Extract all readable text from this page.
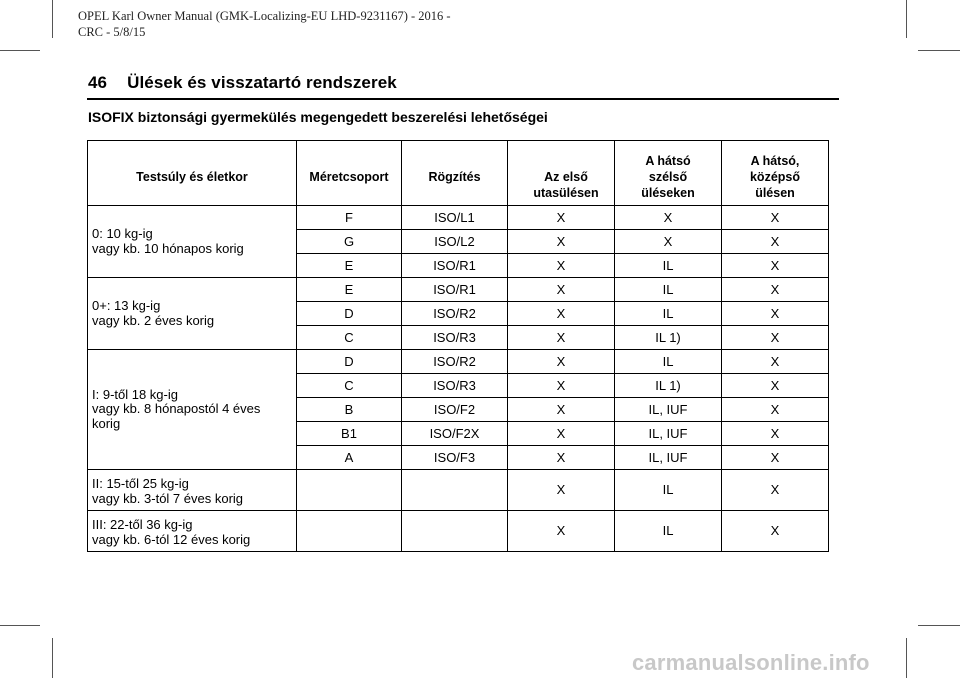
OPEL Karl Owner Manual (GMK-Localizing-EU LHD-9231167) - 2016 -
CRC - 5/8/15
46 Ülések és visszatartó rendszerek
ISOFIX biztonsági gyermekülés megengedett beszerelési lehetőségei
Testsúly és életkor	Méretcsoport	Rögzítés	Az első utasülésen	A hátsó szélső üléseken	A hátsó, középső ülésen
0: 10 kg-ig
vagy kb. 10 hónapos korig	F	ISO/L1	X	X	X
	G	ISO/L2	X	X	X
	E	ISO/R1	X	IL	X
0+: 13 kg-ig
vagy kb. 2 éves korig	E	ISO/R1	X	IL	X
	D	ISO/R2	X	IL	X
	C	ISO/R3	X	IL 1)	X
I: 9-től 18 kg-ig
vagy kb. 8 hónapostól 4 éves
korig	D	ISO/R2	X	IL	X
	C	ISO/R3	X	IL 1)	X
	B	ISO/F2	X	IL, IUF	X
	B1	ISO/F2X	X	IL, IUF	X
	A	ISO/F3	X	IL, IUF	X
II: 15-től 25 kg-ig
vagy kb. 3-tól 7 éves korig			X	IL	X
III: 22-től 36 kg-ig
vagy kb. 6-tól 12 éves korig			X	IL	X
carmanualsonline.info
